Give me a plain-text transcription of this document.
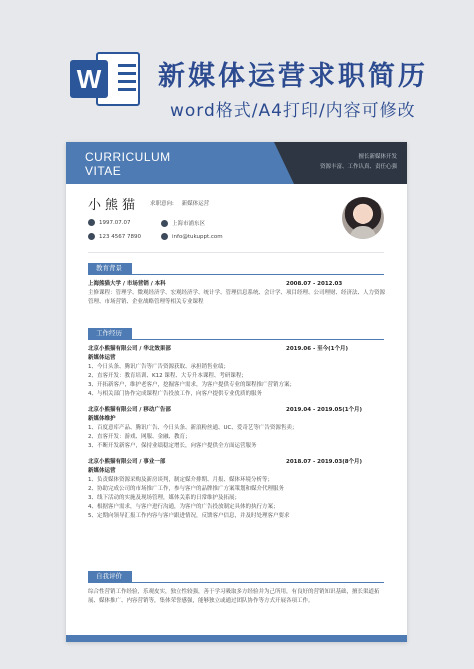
W 新媒体运营求职简历
word格式/A4打印/内容可修改
CURRICULUM
VITAE
擅长新媒体开发
资源丰富、工作认真、责任心强
小熊猫 求职意向: 新媒体运营
1997.07.07	上海市浦东区
123 4567 7890	info@tukuppt.com
教育背景
上海熊猫大学 / 市场营销 / 本科	2008.07 - 2012.03
主修课程：管理学、微观经济学、宏观经济学、统计学、管理信息系统、会计学、项目经理、公司理财、经济法、人力资源管理、市场营销、企业战略管理等相关专业课程
工作经历
北京小熊猫有限公司 / 华北效果部	2019.06 - 至今(1个月)
新媒体运营
1、今日头条、腾讯广告等广告资源获取、承担销售业绩；
2、直客开发：教育培训、K12 课程、大专升本课程、考研课程；
3、开拓新客户，维护老客户，挖掘客户需求，为客户提供专业的课程推广营销方案；
4、与相关部门协作完成课程广告投放工作，向客户提供专业优质的服务
北京小熊猫有限公司 / 移动广告部	2019.04 - 2019.05(1个月)
新媒体维护
1、百度意库产品、腾讯广告、今日头条、新浪粉丝通、UC、爱奇艺等广告资源售卖；
2、直客开发：游戏、网服、金融、教育；
3、不断开发新客户，保持业绩稳定增长，向客户提供全方面运营服务
北京小熊猫有限公司 / 事业一部	2018.07 - 2019.03(8个月)
新媒体运营
1、负责媒体资源采购及新房谈判，制定媒介排期、月报、媒体环境分析等；
2、协助完成公司的市场推广工作，参与客户的品牌推广方案策划和媒介代理服务
3、线下活动的实施及现场管理，媒体关系的日常维护及拓展；
4、根据客户需求，与客户进行沟通，为客户的广告投放制定具体的执行方案；
5、定期向领导汇报工作内容与客户跟进情况，反馈客户信息，并及时处理客户要求
自我评价
综合性营销工作经验，乐观皮实，独立性较强，善于学习吸取多方经验并为己所用，有良好的营销知识基础，擅长渠道拓展、媒体推广、内容营销等，集体荣誉感强，能够独立或通过团队协作等方式开展各项工作。
